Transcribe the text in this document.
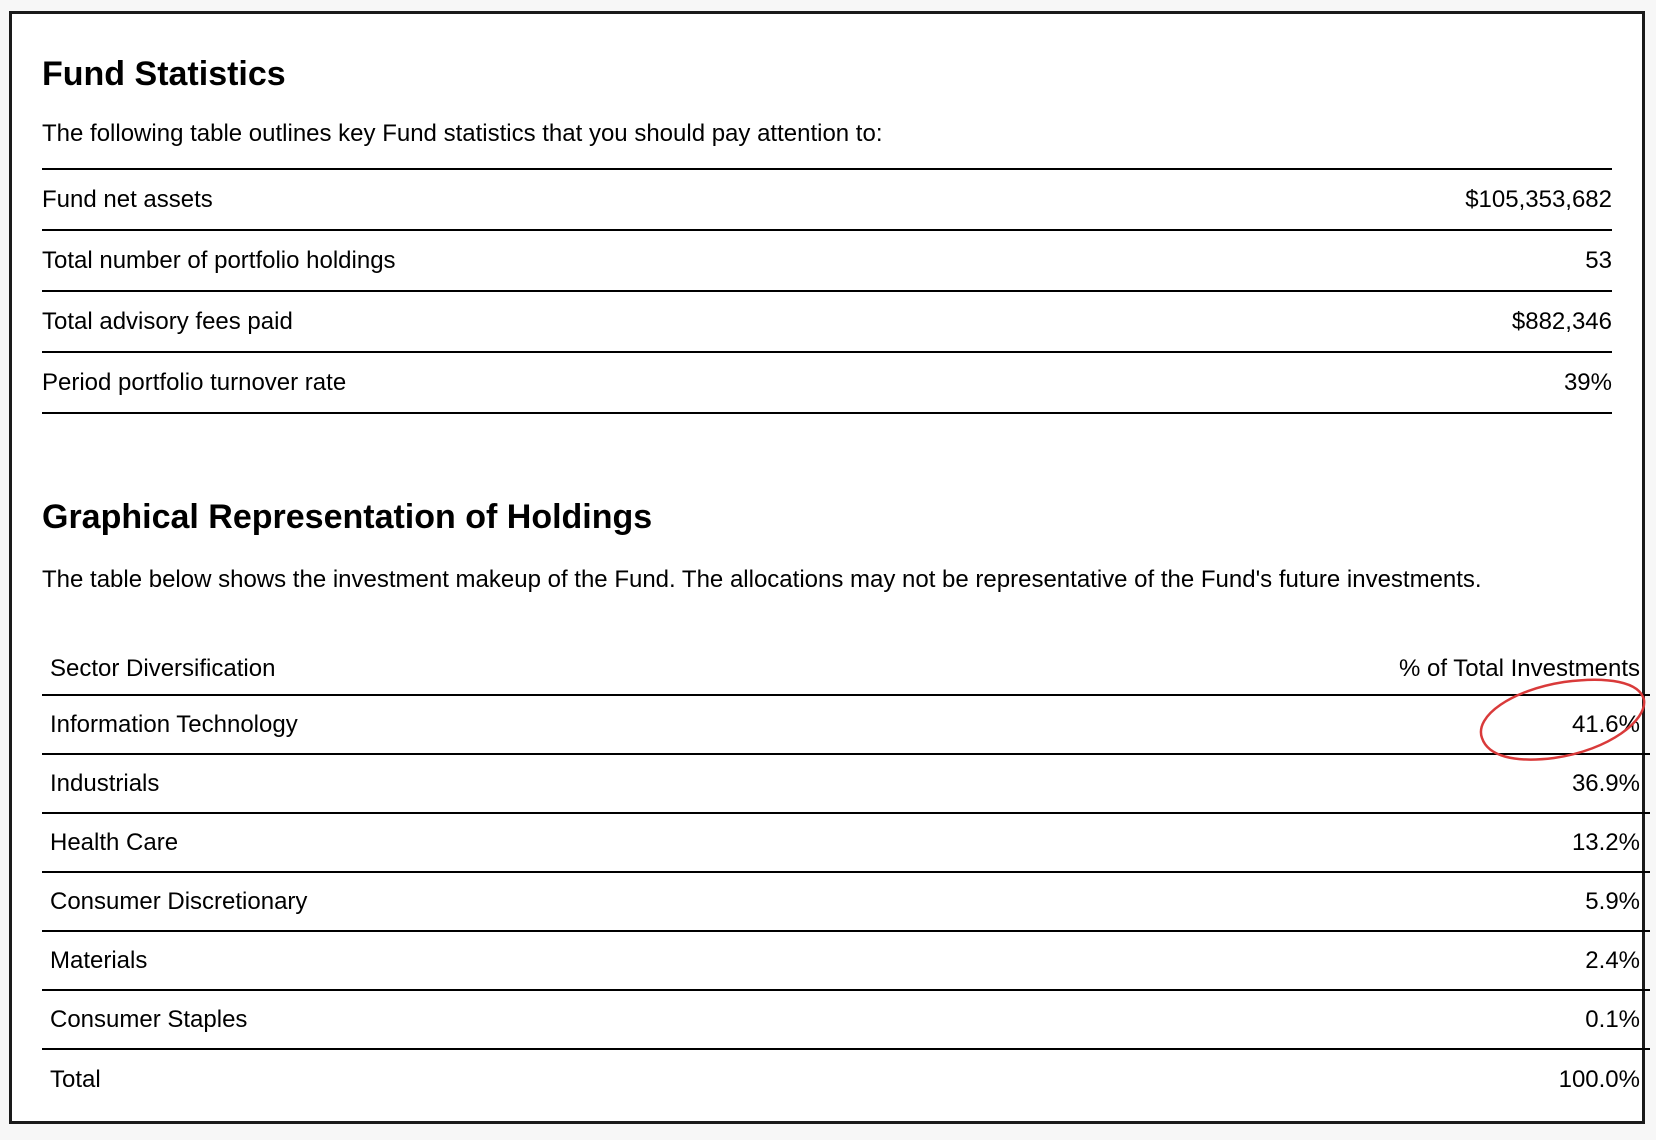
Fund Statistics
The following table outlines key Fund statistics that you should pay attention to:
Fund net assets	$105,353,682
Total number of portfolio holdings	53
Total advisory fees paid	$882,346
Period portfolio turnover rate	39%
Graphical Representation of Holdings
The table below shows the investment makeup of the Fund. The allocations may not be representative of the Fund's future investments.
Sector Diversification	% of Total Investments
Information Technology	41.6%
Industrials	36.9%
Health Care	13.2%
Consumer Discretionary	5.9%
Materials	2.4%
Consumer Staples	0.1%
Total	100.0%
